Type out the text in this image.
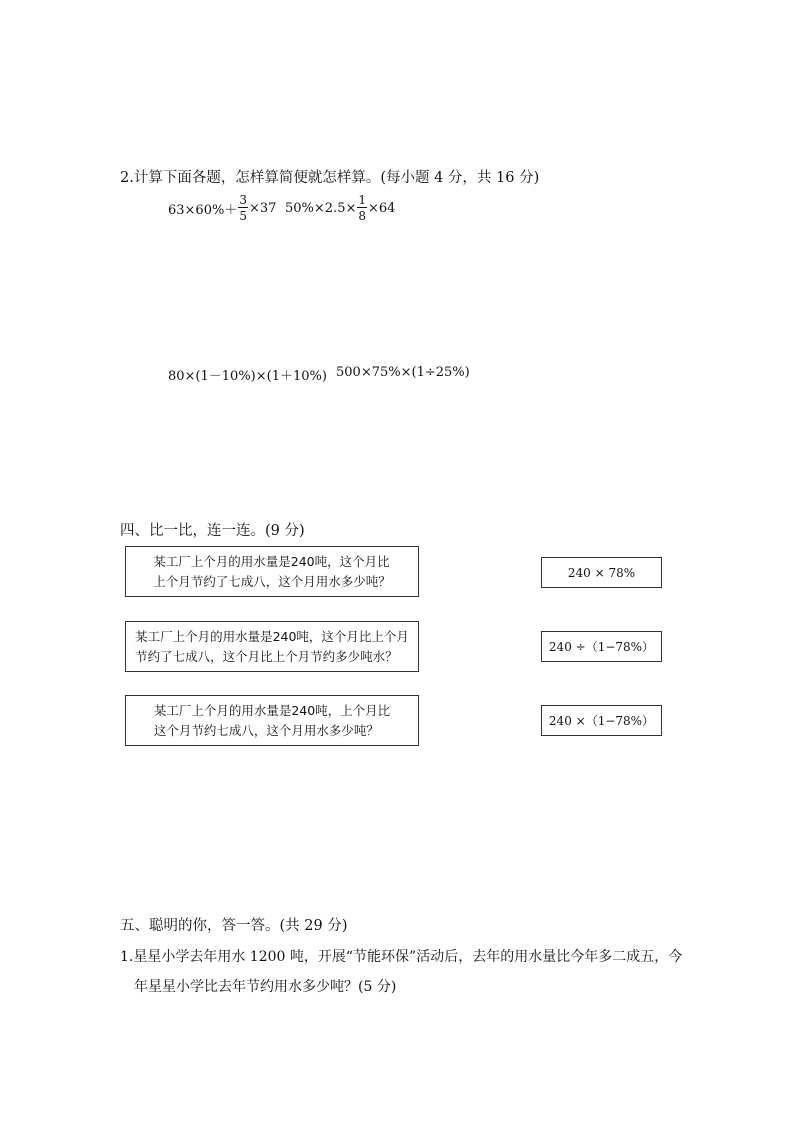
2.计算下面各题，怎样算简便就怎样算。(每小题 4 分，共 16 分)
$63\times 60\%+ \frac{3}{5} \times 37$ $50\%\times 2.5\times \frac{1}{8} \times 64$
80×(1－10%)×(1＋10%) 500×75%×(1÷25%)
四、比一比，连一连。(9 分)
某工厂上个月的用水量是240吨，这个月比
上个月节约了七成八，这个月用水多少吨？
某工厂上个月的用水量是240吨，这个月比上个月
节约了七成八，这个月比上个月节约多少吨水？
某工厂上个月的用水量是240吨，上个月比
这个月节约七成八，这个月用水多少吨？
240 × 78%
240 ÷（1−78%）
240 ×（1−78%）
五、聪明的你，答一答。(共 29 分)
1.星星小学去年用水 1200 吨，开展“节能环保”活动后，去年的用水量比今年多二成五，今
年星星小学比去年节约用水多少吨？(5 分)
